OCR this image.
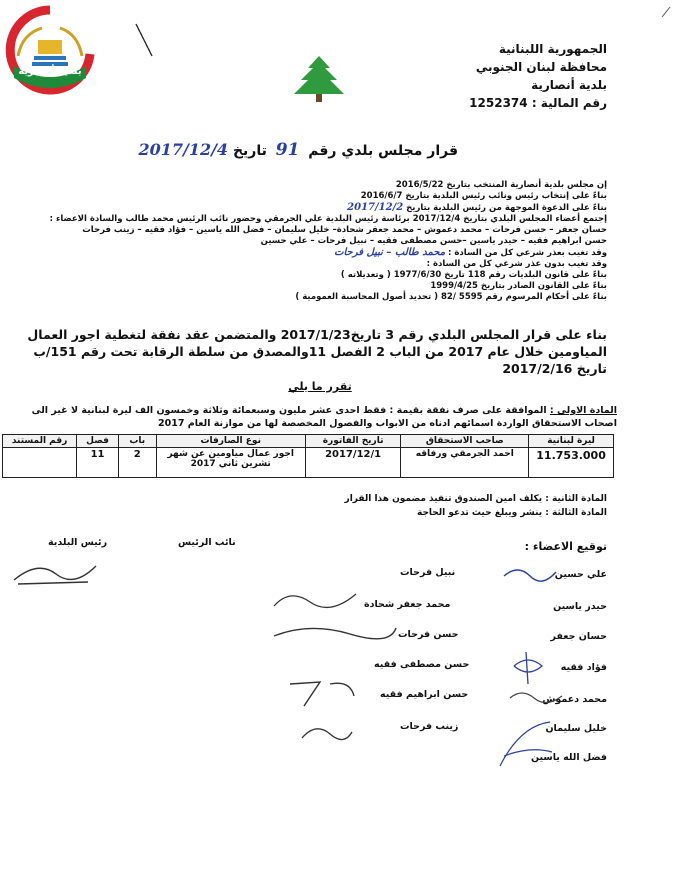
بلدية أنصارية
الجمهورية اللبنانية
محافظة لبنان الجنوبي
بلدية أنصارية
رقم المالية : 1252374
قرار مجلس بلدي رقم 91 تاريخ 2017/12/4
إن مجلس بلدية أنصارية المنتخب بتاريخ 2016/5/22
بناءً على إنتخاب رئيس ونائب رئيس البلدية بتاريخ 2016/6/7
بناءً على الدعوة الموجهة من رئيس البلدية بتاريخ 2017/12/2
إجتمع أعضاء المجلس البلدي بتاريخ 2017/12/4 برئاسة رئيس البلدية علي الجرمقي وحضور نائب الرئيس محمد طالب والسادة الاعضاء :
حسان جعفر – حسن فرحات – محمد دعموش – محمد جعفر شحادة– خليل سليمان – فضل الله ياسين – فؤاد فقيه – زينب فرحات
حسن ابراهيم فقيه – حيدر ياسين –حسن مصطفى فقيه – نبيل فرحات – علي حسين
وقد تغيب بعذر شرعي كل من السادة : محمد طالب – نبيل فرحات
وقد تغيب بدون عذر شرعي كل من السادة :
بناءً على قانون البلديات رقم 118 تاريخ 1977/6/30 ( وتعديلاته )
بناءً على القانون الصادر بتاريخ 1999/4/25
بناءً على أحكام المرسوم رقم 5595 /82 ( تحديد أصول المحاسبة العمومية )
بناء على قرار المجلس البلدي رقم 3 تاريخ2017/1/23 والمتضمن عقد نفقة لتغطية اجور العمال المياومين خلال عام 2017 من الباب 2 الفصل 11والمصدق من سلطة الرقابة تحت رقم 151/ب تاريخ 2017/2/16
تقرر ما يلي
المادة الاولى : الموافقة على صرف نفقة بقيمة : فقط احدى عشر مليون وسبعمائة وثلاثة وخمسون الف ليرة لبنانية لا غير الى اصحاب الاستحقاق الواردة اسمائهم ادناه من الابواب والفصول المخصصة لها من موازنة العام 2017
ليرة لبنانية	صاحب الاستحقاق	تاريخ الفاتورة	نوع الصارفات	باب	فصل	رقم المستند
11.753.000	احمد الجرمقي ورفاقه	2017/12/1	اجور عمال مياومين عن شهر تشرين ثاني 2017	2	11	
المادة الثانية : يكلف امين الصندوق تنفيذ مضمون هذا القرار
المادة الثالثة : ينشر ويبلغ حيث تدعو الحاجة
رئيس البلدية	نائب الرئيس	توقيع الاعضاء :
علي حسين
نبيل فرحات
محمد جعفر شحادة	حيدر ياسين
حسن فرحات	حسان جعفر
حسن مصطفى فقيه	فؤاد فقيه
حسن ابراهيم فقيه	محمد دعموش
زينب فرحات	خليل سليمان
فضل الله ياسين
